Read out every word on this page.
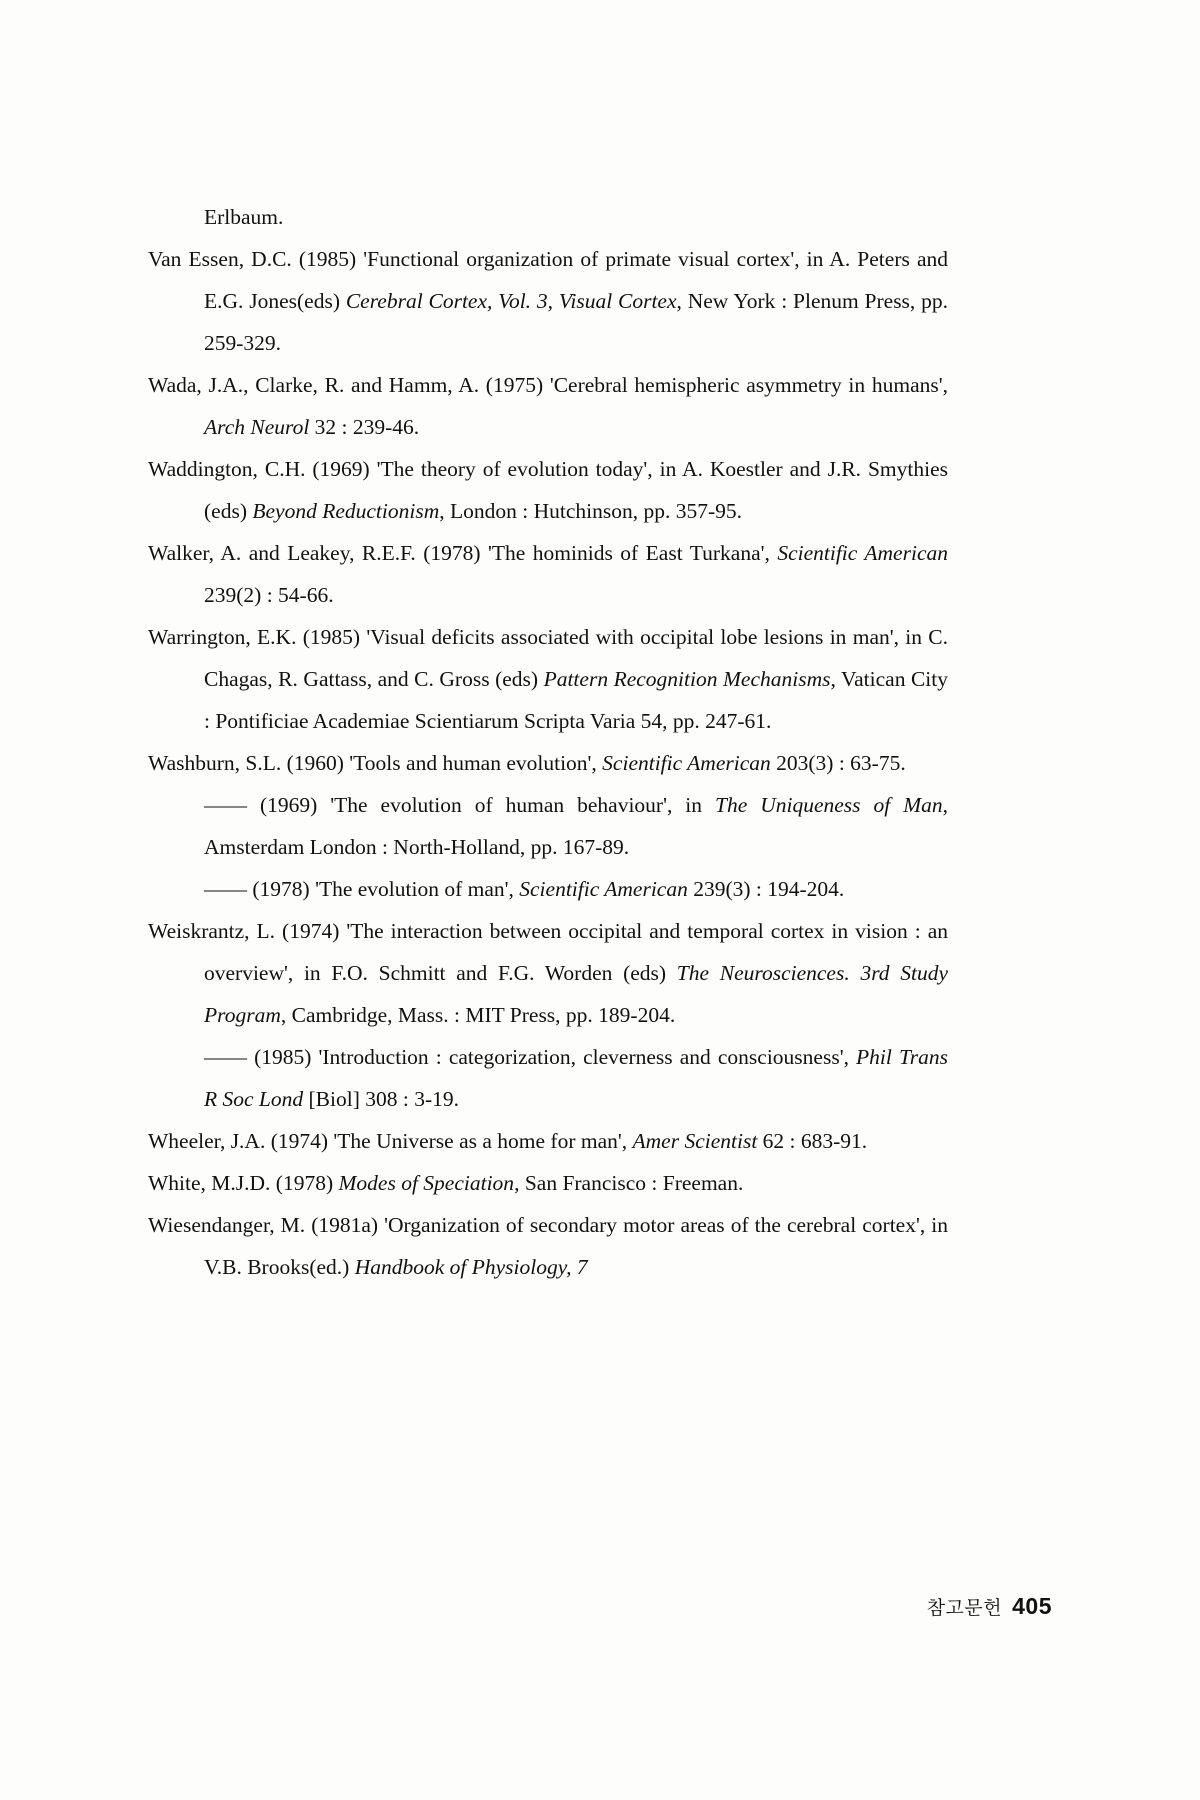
Erlbaum.

Van Essen, D.C. (1985) 'Functional organization of primate visual cortex', in A. Peters and E.G. Jones(eds) Cerebral Cortex, Vol. 3, Visual Cortex, New York : Plenum Press, pp. 259-329.

Wada, J.A., Clarke, R. and Hamm, A. (1975) 'Cerebral hemispheric asymmetry in humans', Arch Neurol 32 : 239-46.

Waddington, C.H. (1969) 'The theory of evolution today', in A. Koestler and J.R. Smythies (eds) Beyond Reductionism, London : Hutchinson, pp. 357-95.

Walker, A. and Leakey, R.E.F. (1978) 'The hominids of East Turkana', Scientific American 239(2) : 54-66.

Warrington, E.K. (1985) 'Visual deficits associated with occipital lobe lesions in man', in C. Chagas, R. Gattass, and C. Gross (eds) Pattern Recognition Mechanisms, Vatican City : Pontificiae Academiae Scientiarum Scripta Varia 54, pp. 247-61.

Washburn, S.L. (1960) 'Tools and human evolution', Scientific American 203(3) : 63-75.

—— (1969) 'The evolution of human behaviour', in The Uniqueness of Man, Amsterdam London : North-Holland, pp. 167-89.

—— (1978) 'The evolution of man', Scientific American 239(3) : 194-204.

Weiskrantz, L. (1974) 'The interaction between occipital and temporal cortex in vision : an overview', in F.O. Schmitt and F.G. Worden (eds) The Neurosciences. 3rd Study Program, Cambridge, Mass. : MIT Press, pp. 189-204.

—— (1985) 'Introduction : categorization, cleverness and consciousness', Phil Trans R Soc Lond [Biol] 308 : 3-19.

Wheeler, J.A. (1974) 'The Universe as a home for man', Amer Scientist 62 : 683-91.

White, M.J.D. (1978) Modes of Speciation, San Francisco : Freeman.

Wiesendanger, M. (1981a) 'Organization of secondary motor areas of the cerebral cortex', in V.B. Brooks(ed.) Handbook of Physiology, 7

참고문헌 405
